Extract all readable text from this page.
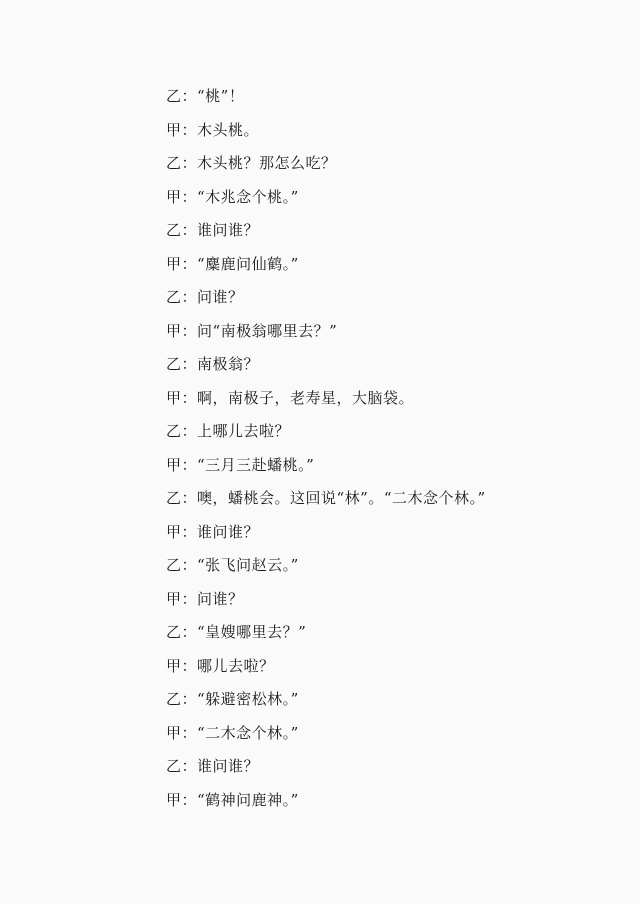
乙：“桃”！
甲：木头桃。
乙：木头桃？那怎么吃？
甲：“木兆念个桃。”
乙：谁问谁？
甲：“麋鹿问仙鹤。”
乙：问谁？
甲：问“南极翁哪里去？”
乙：南极翁？
甲：啊，南极子，老寿星，大脑袋。
乙：上哪儿去啦？
甲：“三月三赴蟠桃。”
乙：噢，蟠桃会。这回说“林”。“二木念个林。”
甲：谁问谁？
乙：“张飞问赵云。”
甲：问谁？
乙：“皇嫂哪里去？”
甲：哪儿去啦？
乙：“躲避密松林。”
甲：“二木念个林。”
乙：谁问谁？
甲：“鹤神问鹿神。”
